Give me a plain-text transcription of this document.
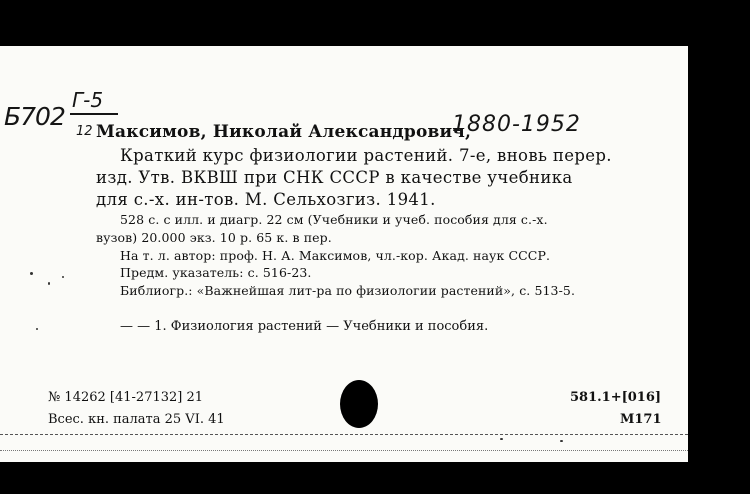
Б702
Г-5
12 Максимов, Николай Александрович,
1880-1952
Краткий курс физиологии растений. 7-е, вновь перер.
изд. Утв. ВКВШ при СНК СССР в качестве учебника
для с.-х. ин-тов. М. Сельхозгиз. 1941.
528 с. с илл. и диагр. 22 см (Учебники и учеб. пособия для с.-х.
вузов) 20.000 экз. 10 р. 65 к. в пер.
На т. л. автор: проф. Н. А. Максимов, чл.-кор. Акад. наук СССР.
Предм. указатель: с. 516-23.
Библиогр.: «Важнейшая лит-ра по физиологии растений», с. 513-5.
— — 1. Физиология растений — Учебники и пособия.
№ 14262 [41-27132] 21
Всес. кн. палата 25 VI. 41
581.1+[016]
М171
